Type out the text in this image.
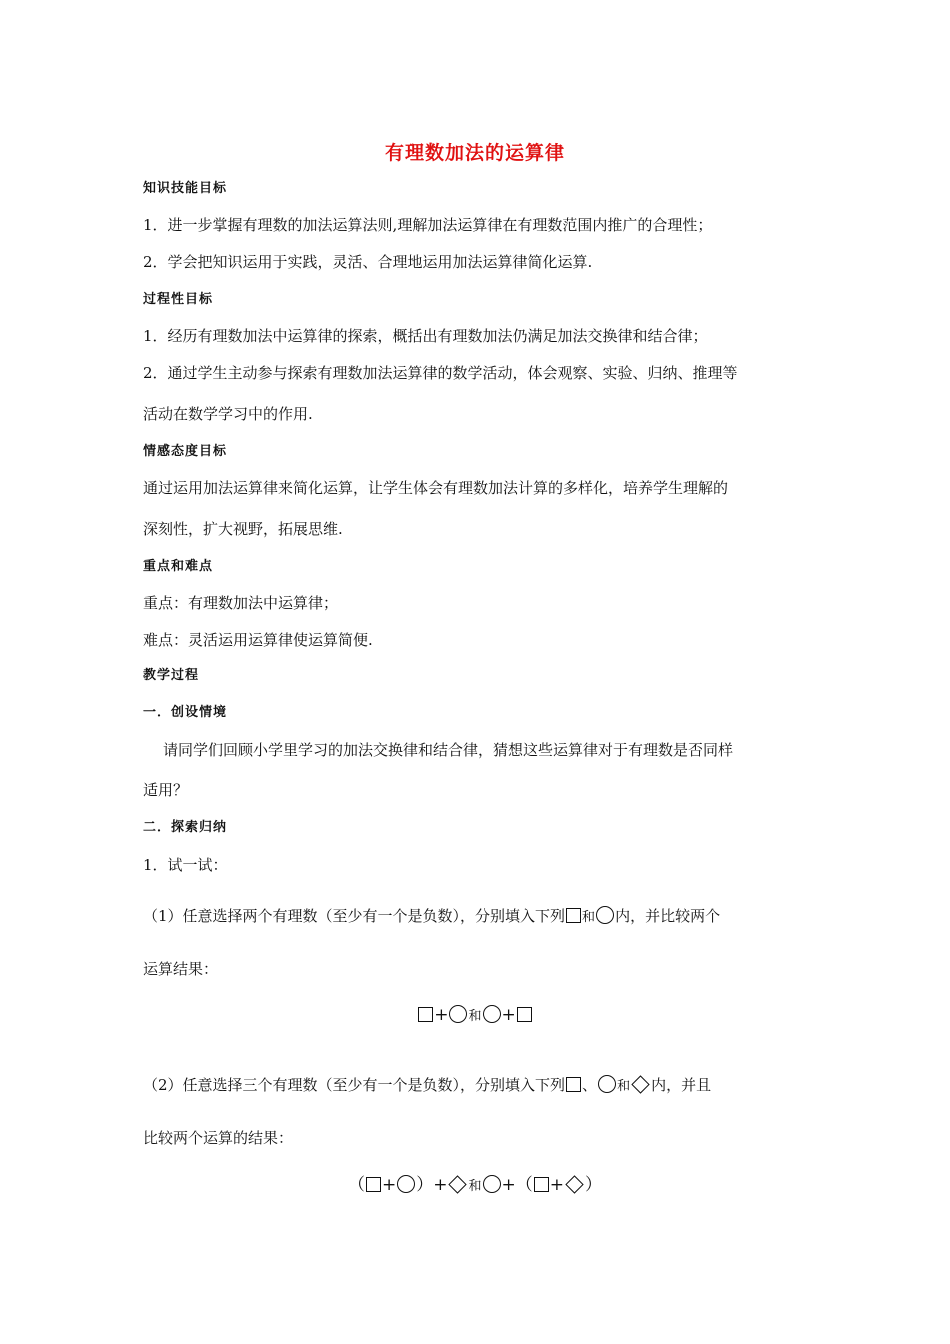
有理数加法的运算律
知识技能目标
1．进一步掌握有理数的加法运算法则,理解加法运算律在有理数范围内推广的合理性；
2．学会把知识运用于实践，灵活、合理地运用加法运算律简化运算.
过程性目标
1．经历有理数加法中运算律的探索，概括出有理数加法仍满足加法交换律和结合律；
2．通过学生主动参与探索有理数加法运算律的数学活动，体会观察、实验、归纳、推理等
活动在数学学习中的作用.
情感态度目标
通过运用加法运算律来简化运算，让学生体会有理数加法计算的多样化，培养学生理解的
深刻性，扩大视野，拓展思维.
重点和难点
重点：有理数加法中运算律；
难点：灵活运用运算律使运算简便.
教学过程
一．创设情境
请同学们回顾小学里学习的加法交换律和结合律，猜想这些运算律对于有理数是否同样
适用？
二．探索归纳
1．试一试：
（1）任意选择两个有理数（至少有一个是负数），分别填入下列 和 内，并比较两个
运算结果：
+ 和 +
（2）任意选择三个有理数（至少有一个是负数），分别填入下列 、 和 内，并且
比较两个运算的结果：
（ + ）+ 和 +（ + ）
